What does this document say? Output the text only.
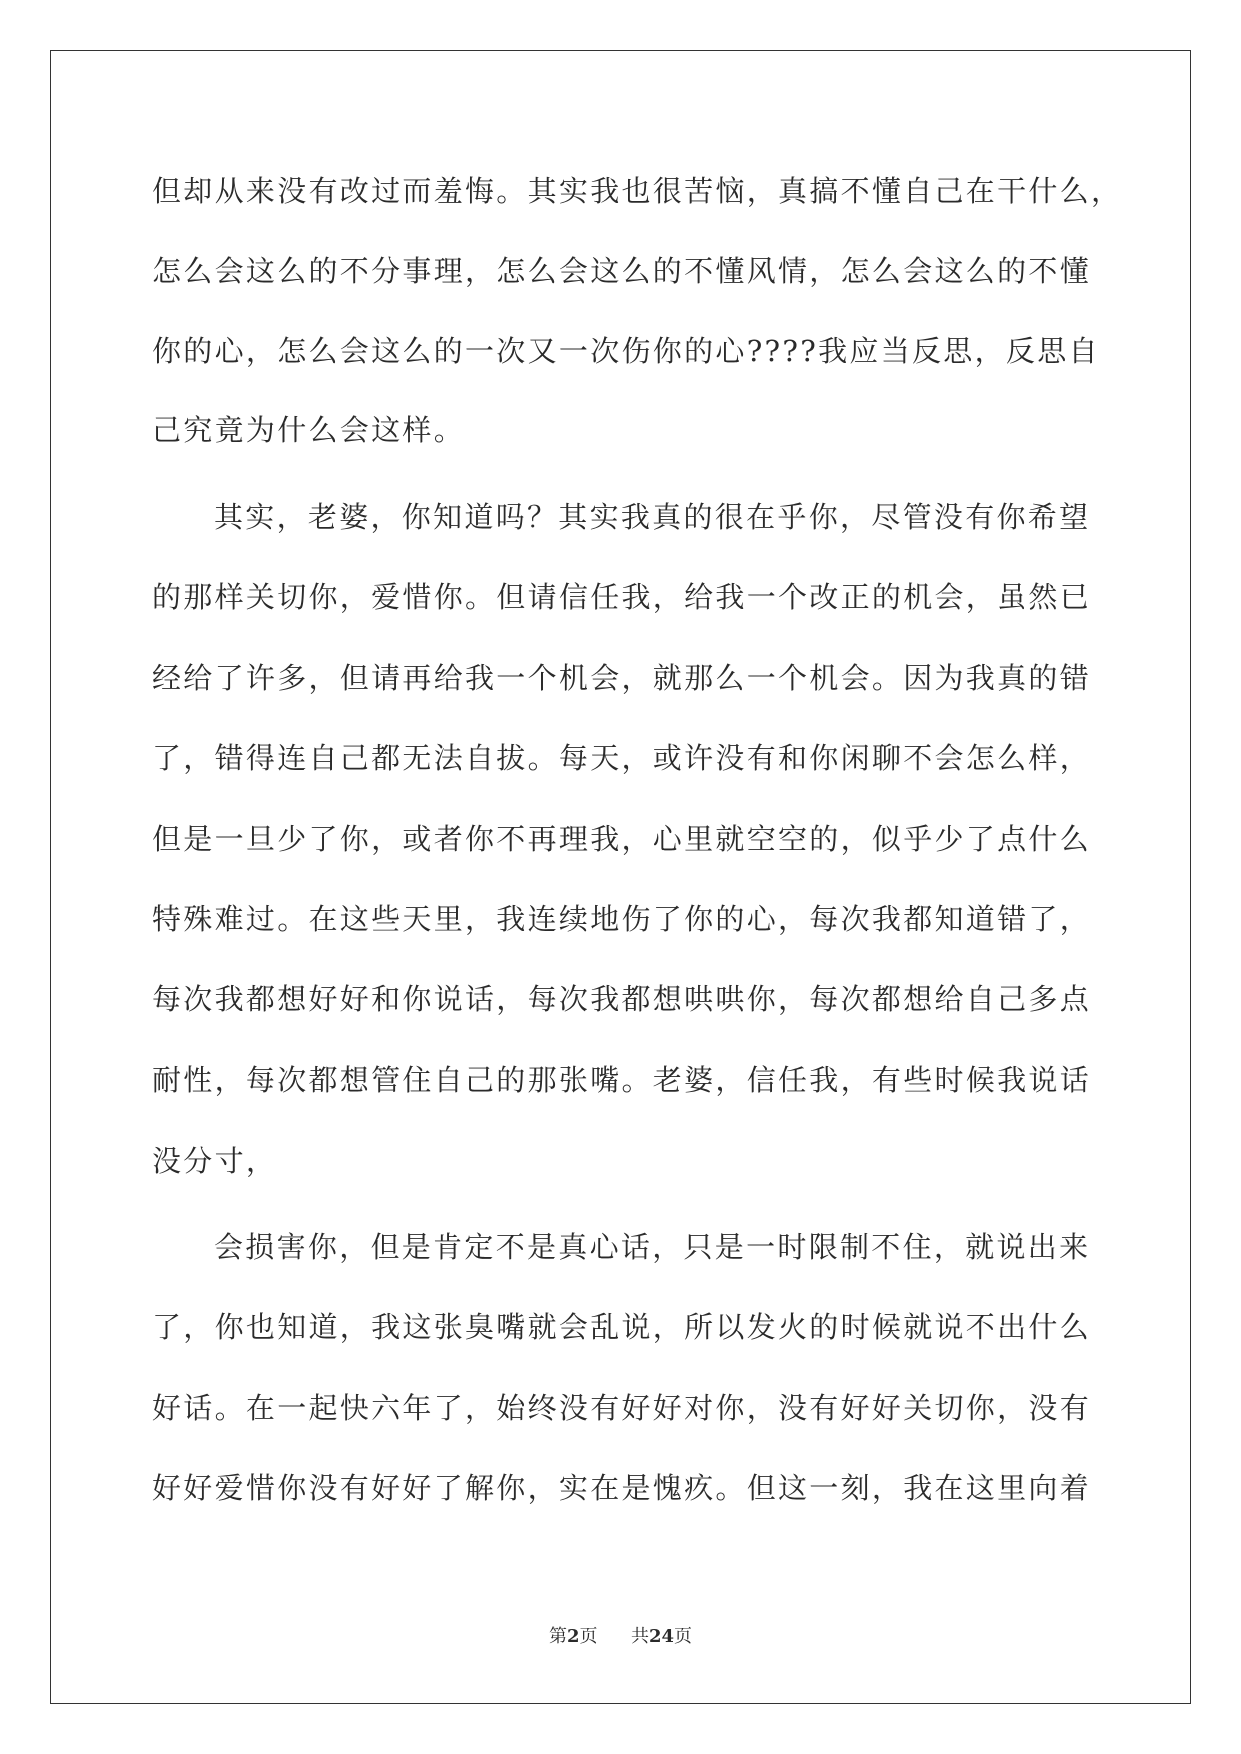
但却从来没有改过而羞悔。其实我也很苦恼，真搞不懂自己在干什么，
怎么会这么的不分事理，怎么会这么的不懂风情，怎么会这么的不懂
你的心，怎么会这么的一次又一次伤你的心????我应当反思，反思自
己究竟为什么会这样。
其实，老婆，你知道吗？其实我真的很在乎你，尽管没有你希望
的那样关切你，爱惜你。但请信任我，给我一个改正的机会，虽然已
经给了许多，但请再给我一个机会，就那么一个机会。因为我真的错
了，错得连自己都无法自拔。每天，或许没有和你闲聊不会怎么样，
但是一旦少了你，或者你不再理我，心里就空空的，似乎少了点什么
特殊难过。在这些天里，我连续地伤了你的心，每次我都知道错了，
每次我都想好好和你说话，每次我都想哄哄你，每次都想给自己多点
耐性，每次都想管住自己的那张嘴。老婆，信任我，有些时候我说话
没分寸，
会损害你，但是肯定不是真心话，只是一时限制不住，就说出来
了，你也知道，我这张臭嘴就会乱说，所以发火的时候就说不出什么
好话。在一起快六年了，始终没有好好对你，没有好好关切你，没有
好好爱惜你没有好好了解你，实在是愧疚。但这一刻，我在这里向着
第2页 共24页
